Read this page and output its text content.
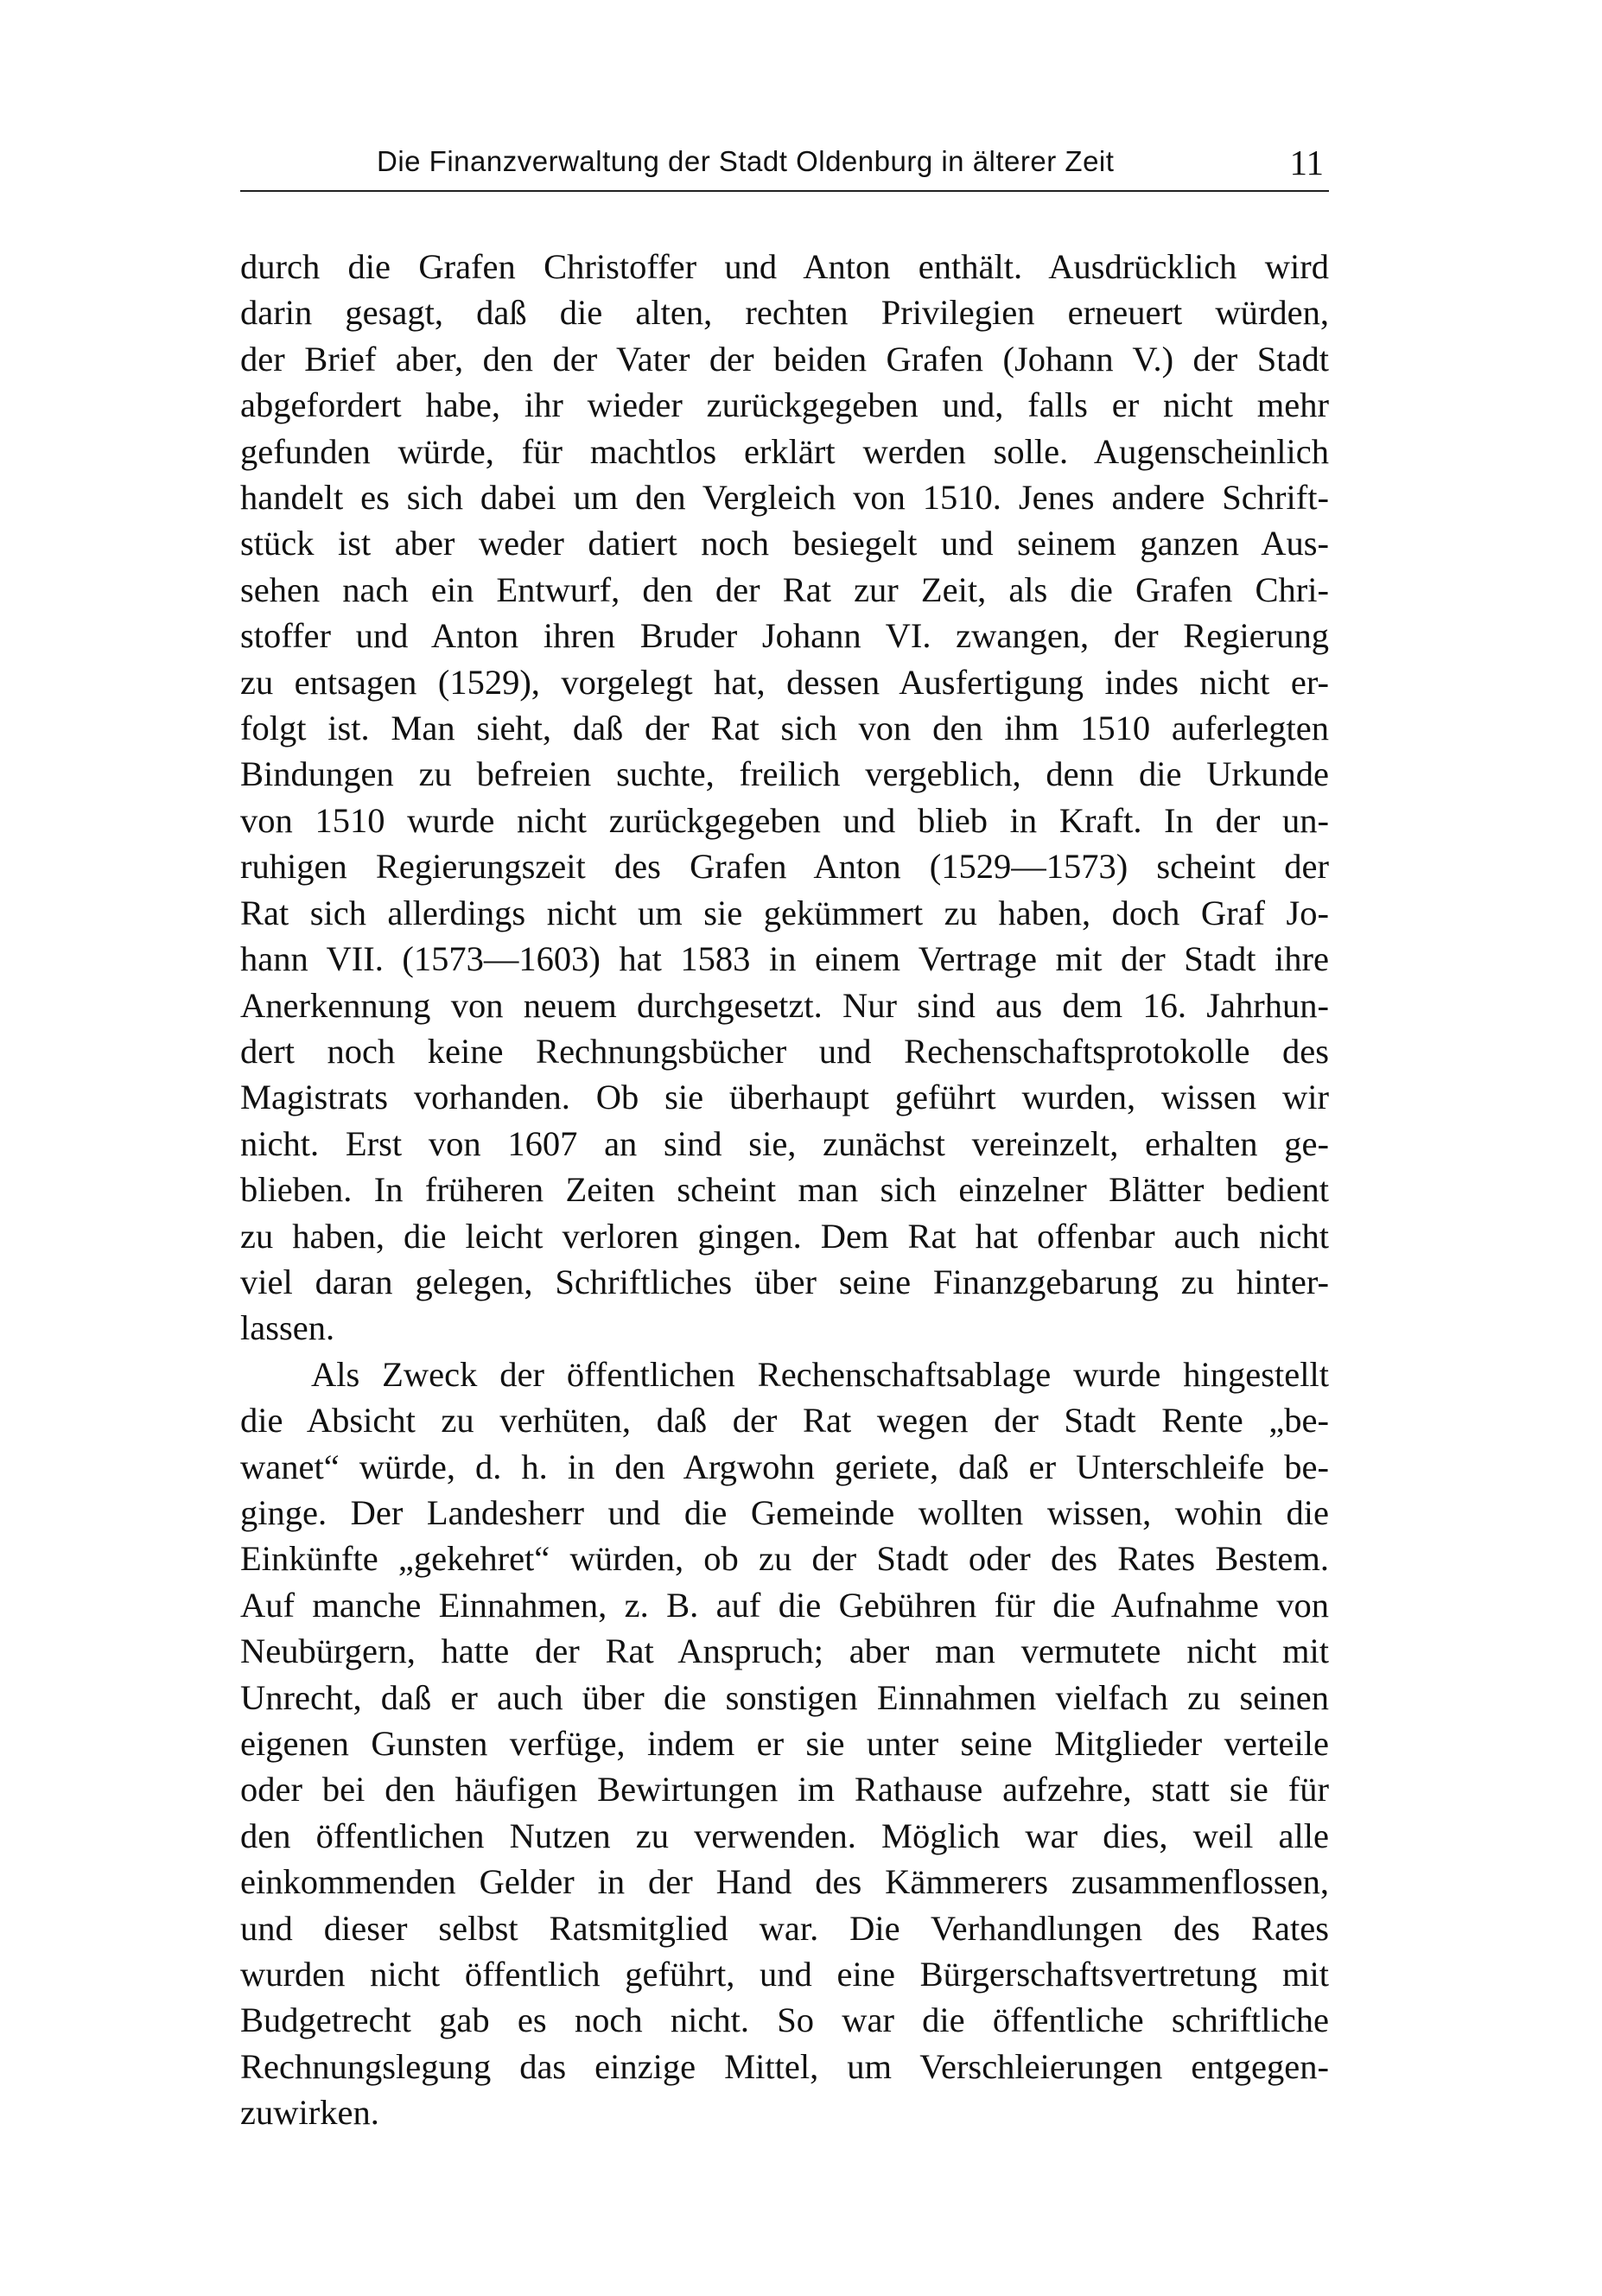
Die Finanzverwaltung der Stadt Oldenburg in älterer Zeit	11

durch die Grafen Christoffer und Anton enthält. Ausdrücklich wird
darin gesagt, daß die alten, rechten Privilegien erneuert würden,
der Brief aber, den der Vater der beiden Grafen (Johann V.) der Stadt
abgefordert habe, ihr wieder zurückgegeben und, falls er nicht mehr
gefunden würde, für machtlos erklärt werden solle. Augenscheinlich
handelt es sich dabei um den Vergleich von 1510. Jenes andere Schrift-
stück ist aber weder datiert noch besiegelt und seinem ganzen Aus-
sehen nach ein Entwurf, den der Rat zur Zeit, als die Grafen Chri-
stoffer und Anton ihren Bruder Johann VI. zwangen, der Regierung
zu entsagen (1529), vorgelegt hat, dessen Ausfertigung indes nicht er-
folgt ist. Man sieht, daß der Rat sich von den ihm 1510 auferlegten
Bindungen zu befreien suchte, freilich vergeblich, denn die Urkunde
von 1510 wurde nicht zurückgegeben und blieb in Kraft. In der un-
ruhigen Regierungszeit des Grafen Anton (1529—1573) scheint der
Rat sich allerdings nicht um sie gekümmert zu haben, doch Graf Jo-
hann VII. (1573—1603) hat 1583 in einem Vertrage mit der Stadt ihre
Anerkennung von neuem durchgesetzt. Nur sind aus dem 16. Jahrhun-
dert noch keine Rechnungsbücher und Rechenschaftsprotokolle des
Magistrats vorhanden. Ob sie überhaupt geführt wurden, wissen wir
nicht. Erst von 1607 an sind sie, zunächst vereinzelt, erhalten ge-
blieben. In früheren Zeiten scheint man sich einzelner Blätter bedient
zu haben, die leicht verloren gingen. Dem Rat hat offenbar auch nicht
viel daran gelegen, Schriftliches über seine Finanzgebarung zu hinter-
lassen.

Als Zweck der öffentlichen Rechenschaftsablage wurde hingestellt
die Absicht zu verhüten, daß der Rat wegen der Stadt Rente „be-
wanet“ würde, d. h. in den Argwohn geriete, daß er Unterschleife be-
ginge. Der Landesherr und die Gemeinde wollten wissen, wohin die
Einkünfte „gekehret“ würden, ob zu der Stadt oder des Rates Bestem.
Auf manche Einnahmen, z. B. auf die Gebühren für die Aufnahme von
Neubürgern, hatte der Rat Anspruch; aber man vermutete nicht mit
Unrecht, daß er auch über die sonstigen Einnahmen vielfach zu seinen
eigenen Gunsten verfüge, indem er sie unter seine Mitglieder verteile
oder bei den häufigen Bewirtungen im Rathause aufzehre, statt sie für
den öffentlichen Nutzen zu verwenden. Möglich war dies, weil alle
einkommenden Gelder in der Hand des Kämmerers zusammenflossen,
und dieser selbst Ratsmitglied war. Die Verhandlungen des Rates
wurden nicht öffentlich geführt, und eine Bürgerschaftsvertretung mit
Budgetrecht gab es noch nicht. So war die öffentliche schriftliche
Rechnungslegung das einzige Mittel, um Verschleierungen entgegen-
zuwirken.
